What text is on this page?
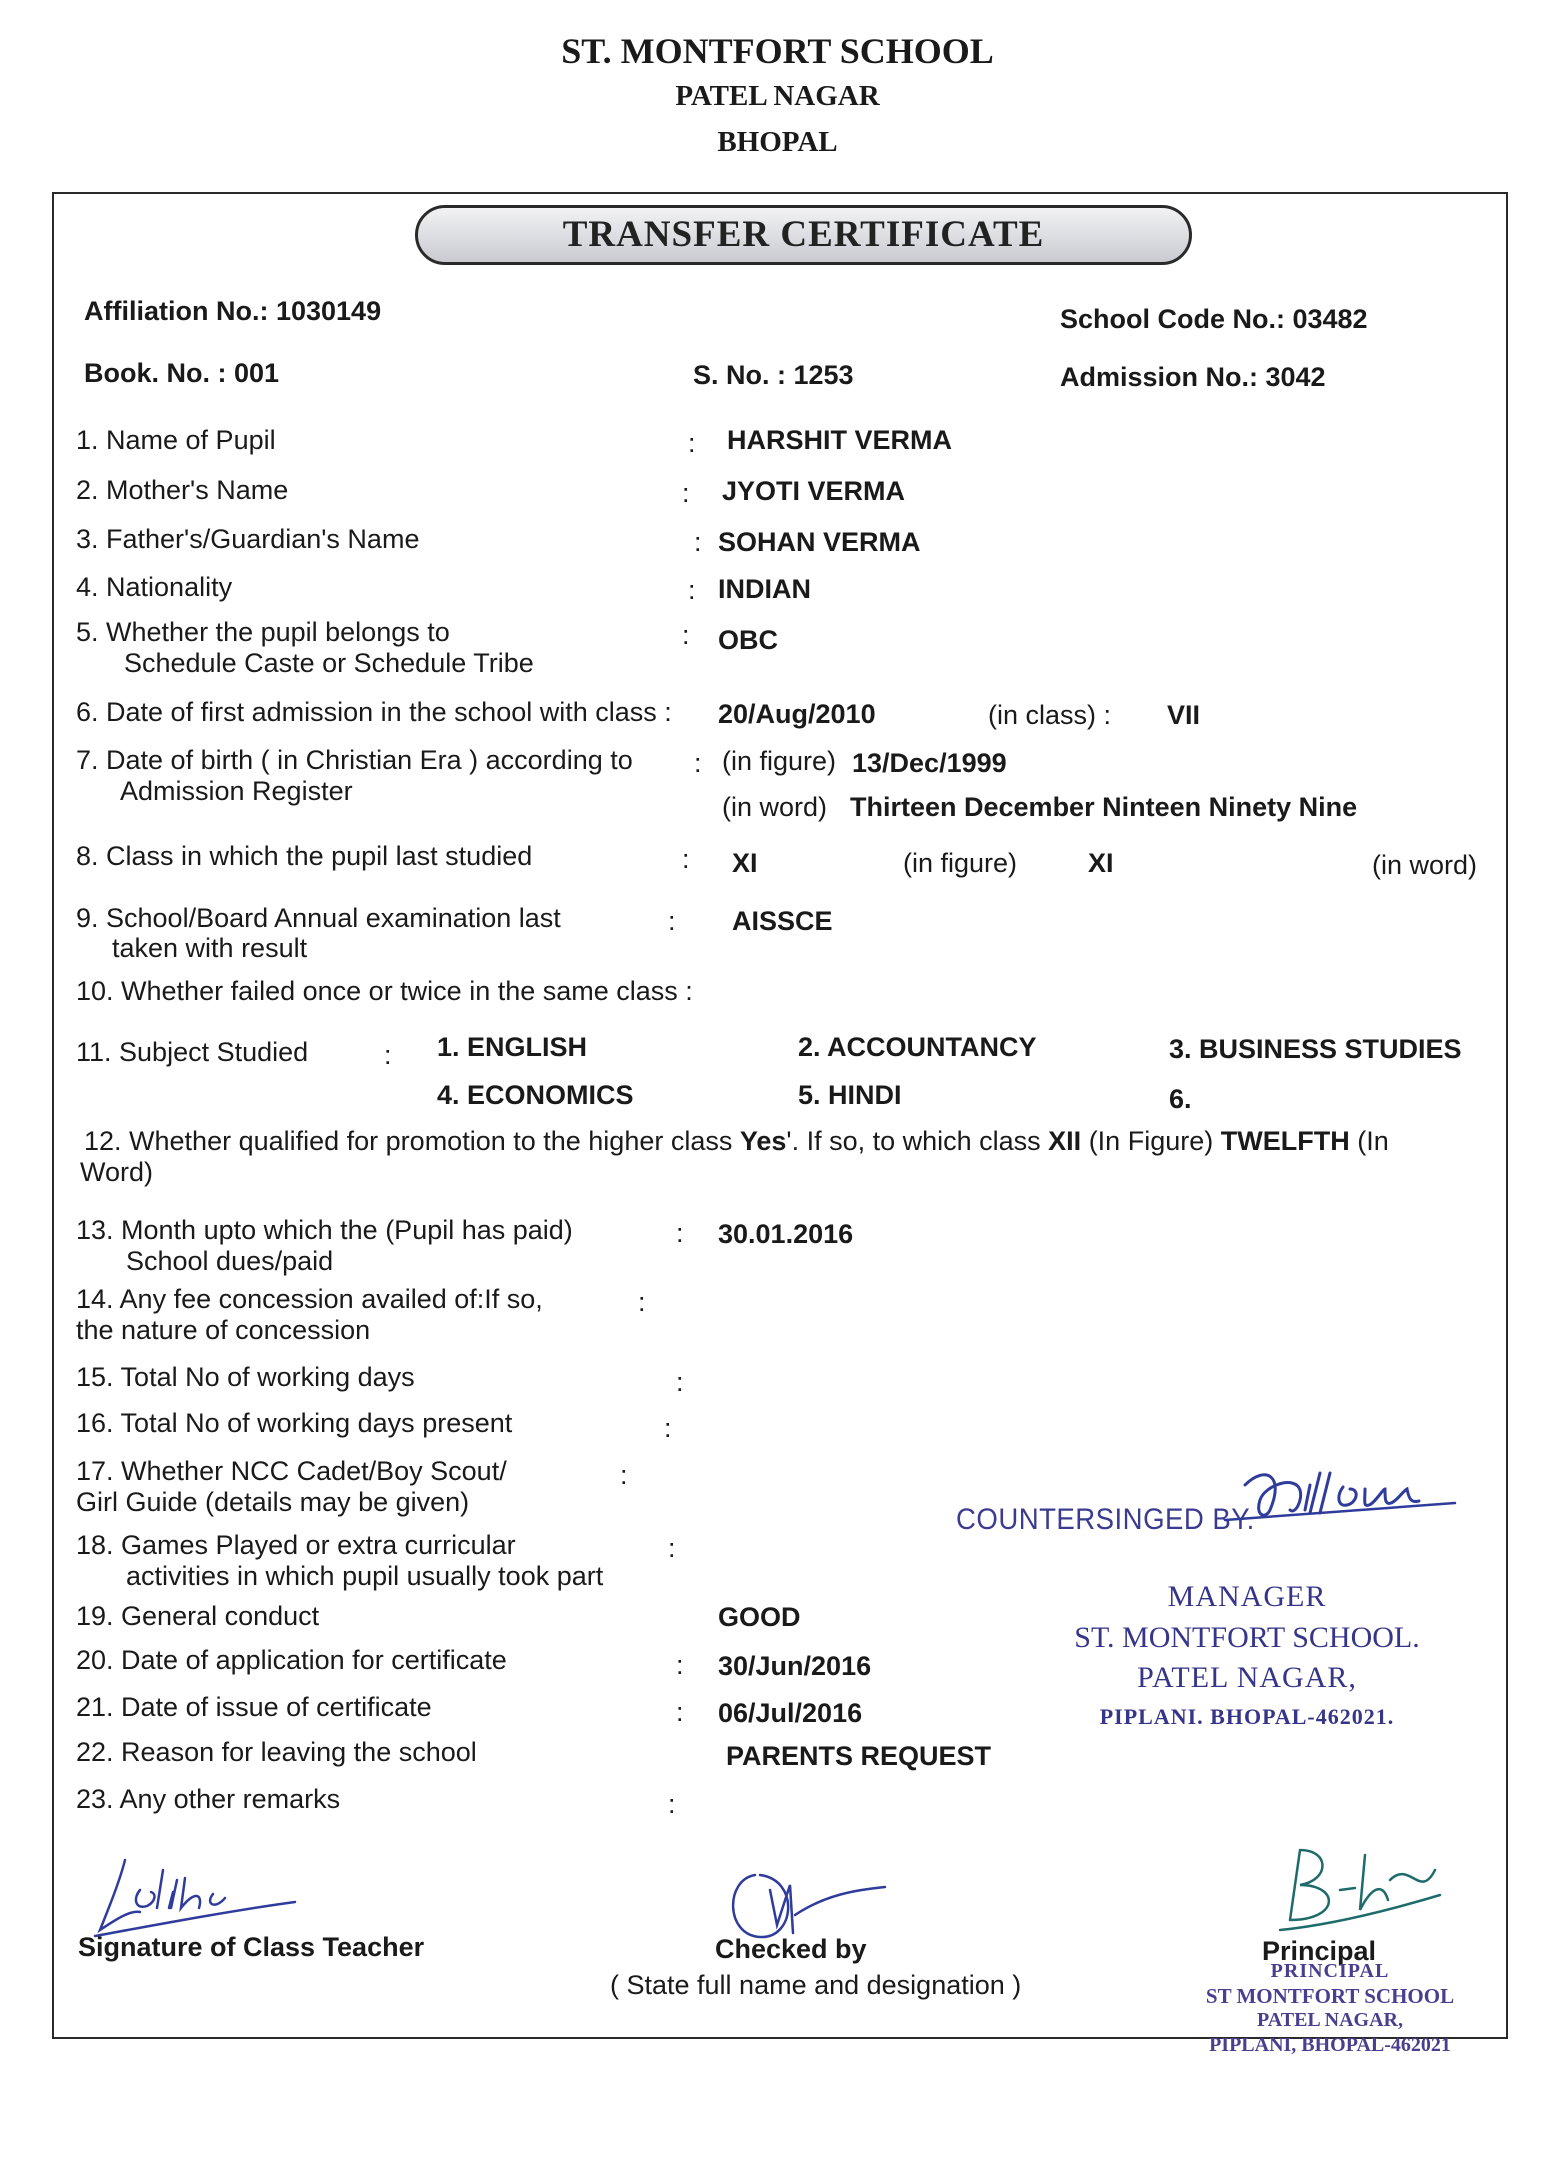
ST. MONTFORT SCHOOL
PATEL NAGAR
BHOPAL
TRANSFER CERTIFICATE
Affiliation No.: 1030149	School Code No.: 03482
Book. No. : 001	S. No. : 1253	Admission No.: 3042
1. Name of Pupil	: HARSHIT VERMA
2. Mother's Name	: JYOTI VERMA
3. Father's/Guardian's Name	: SOHAN VERMA
4. Nationality	: INDIAN
5. Whether the pupil belongs to
Schedule Caste or Schedule Tribe
: OBC
6. Date of first admission in the school with class : 20/Aug/2010	(in class) : VII
7. Date of birth ( in Christian Era ) according to
Admission Register
: (in figure) 13/Dec/1999
(in word) Thirteen December Ninteen Ninety Nine
8. Class in which the pupil last studied	: XI	(in figure)	XI	(in word)
9. School/Board Annual examination last
taken with result
: AISSCE
10. Whether failed once or twice in the same class :
11. Subject Studied	: 1. ENGLISH	2. ACCOUNTANCY	3. BUSINESS STUDIES
4. ECONOMICS	5. HINDI	6.
12. Whether qualified for promotion to the higher class Yes'. If so, to which class XII (In Figure) TWELFTH (In
Word)
13. Month upto which the (Pupil has paid)
School dues/paid
: 30.01.2016
14. Any fee concession availed of:If so,
the nature of concession
:
15. Total No of working days	:
16. Total No of working days present	:
17. Whether NCC Cadet/Boy Scout/
Girl Guide (details may be given)
:
18. Games Played or extra curricular
activities in which pupil usually took part
:
19. General conduct	GOOD
20. Date of application for certificate	: 30/Jun/2016
21. Date of issue of certificate	: 06/Jul/2016
22. Reason for leaving the school	PARENTS REQUEST
23. Any other remarks	:
COUNTERSINGED BY.
MANAGER
ST. MONTFORT SCHOOL.
PATEL NAGAR,
PIPLANI. BHOPAL-462021.
Signature of Class Teacher	Checked by
( State full name and designation )
Principal
PRINCIPAL
ST MONTFORT SCHOOL
PATEL NAGAR,
PIPLANI, BHOPAL-462021
